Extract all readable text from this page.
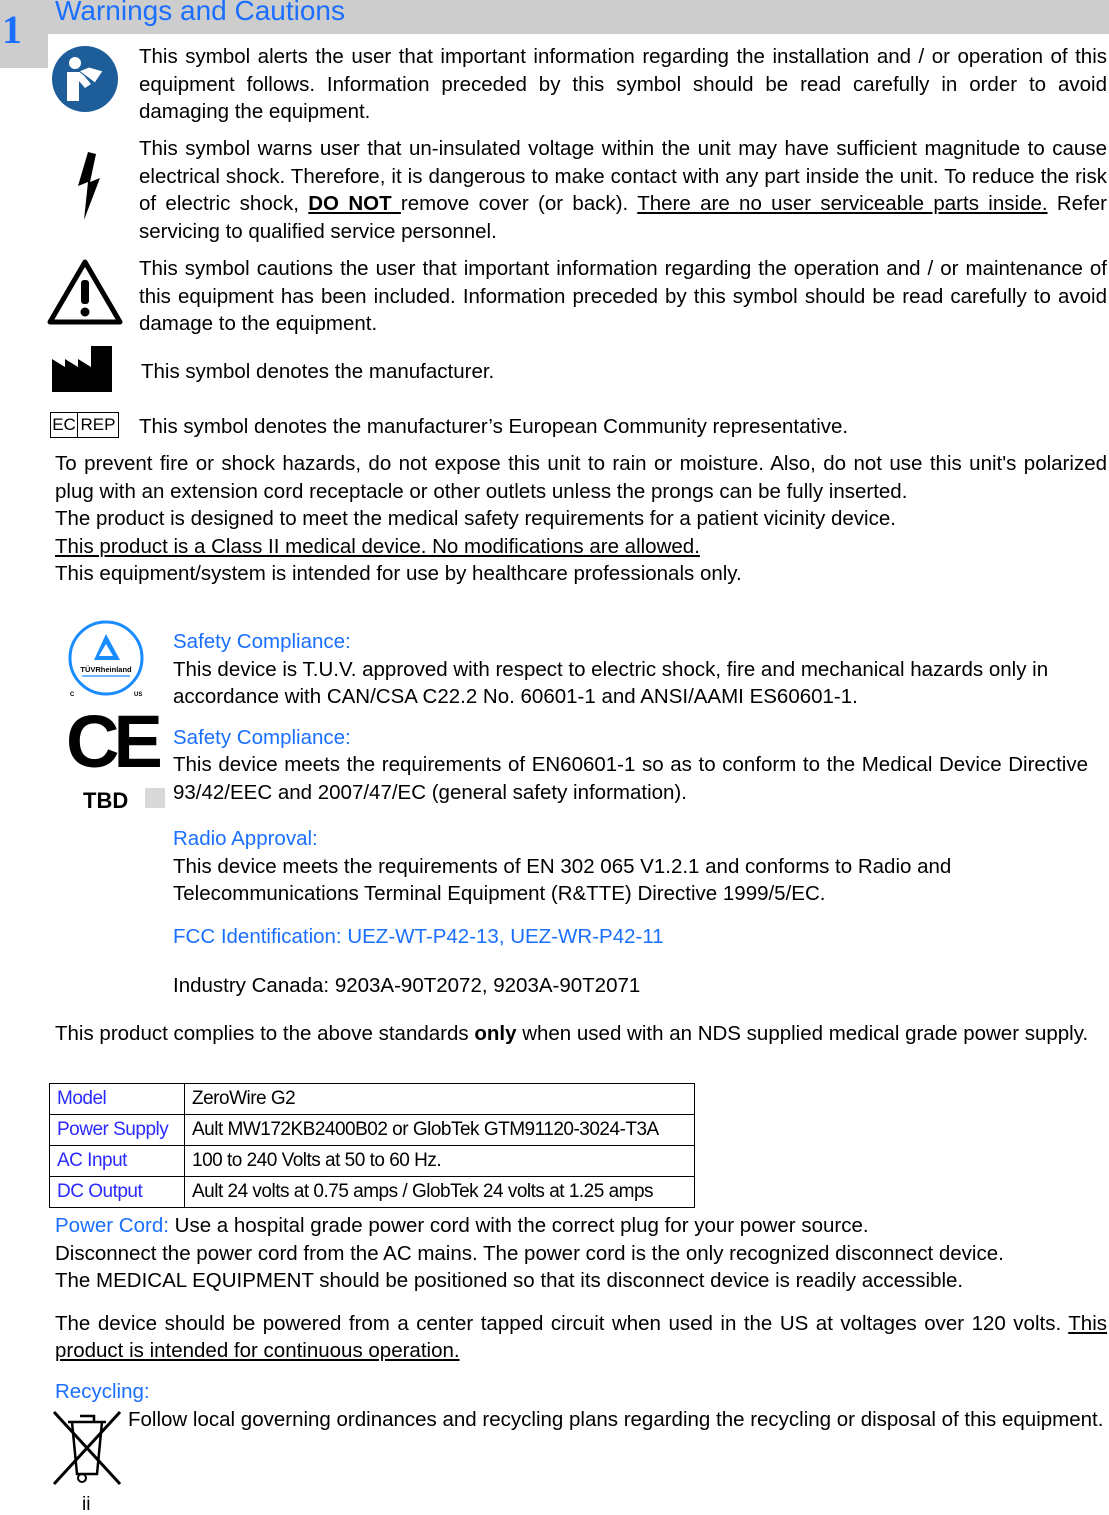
1 Warnings and Cautions
This symbol alerts the user that important information regarding the installation and / or operation of this equipment follows. Information preceded by this symbol should be read carefully in order to avoid damaging the equipment.
This symbol warns user that un-insulated voltage within the unit may have sufficient magnitude to cause electrical shock. Therefore, it is dangerous to make contact with any part inside the unit. To reduce the risk of electric shock, DO NOT remove cover (or back). There are no user serviceable parts inside. Refer servicing to qualified service personnel.
This symbol cautions the user that important information regarding the operation and / or maintenance of this equipment has been included. Information preceded by this symbol should be read carefully to avoid damage to the equipment.
This symbol denotes the manufacturer.
EC REP This symbol denotes the manufacturer’s European Community representative.
To prevent fire or shock hazards, do not expose this unit to rain or moisture. Also, do not use this unit's polarized plug with an extension cord receptacle or other outlets unless the prongs can be fully inserted.
The product is designed to meet the medical safety requirements for a patient vicinity device.
This product is a Class II medical device. No modifications are allowed.
This equipment/system is intended for use by healthcare professionals only.
TÜVRheinland
C	US
CE
TBD
Safety Compliance:
This device is T.U.V. approved with respect to electric shock, fire and mechanical hazards only in accordance with CAN/CSA C22.2 No. 60601-1 and ANSI/AAMI ES60601-1.
Safety Compliance:
This device meets the requirements of EN60601-1 so as to conform to the Medical Device Directive 93/42/EEC and 2007/47/EC (general safety information).
Radio Approval:
This device meets the requirements of EN 302 065 V1.2.1 and conforms to Radio and Telecommunications Terminal Equipment (R&TTE) Directive 1999/5/EC.
FCC Identification: UEZ-WT-P42-13, UEZ-WR-P42-11
Industry Canada: 9203A-90T2072, 9203A-90T2071
This product complies to the above standards only when used with an NDS supplied medical grade power supply.
Model	ZeroWire G2
Power Supply	Ault MW172KB2400B02 or GlobTek GTM91120-3024-T3A
AC Input	100 to 240 Volts at 50 to 60 Hz.
DC Output	Ault 24 volts at 0.75 amps / GlobTek 24 volts at 1.25 amps
Power Cord: Use a hospital grade power cord with the correct plug for your power source.
Disconnect the power cord from the AC mains. The power cord is the only recognized disconnect device.
The MEDICAL EQUIPMENT should be positioned so that its disconnect device is readily accessible.
The device should be powered from a center tapped circuit when used in the US at voltages over 120 volts. This product is intended for continuous operation.
Recycling:
Follow local governing ordinances and recycling plans regarding the recycling or disposal of this equipment.
ii
